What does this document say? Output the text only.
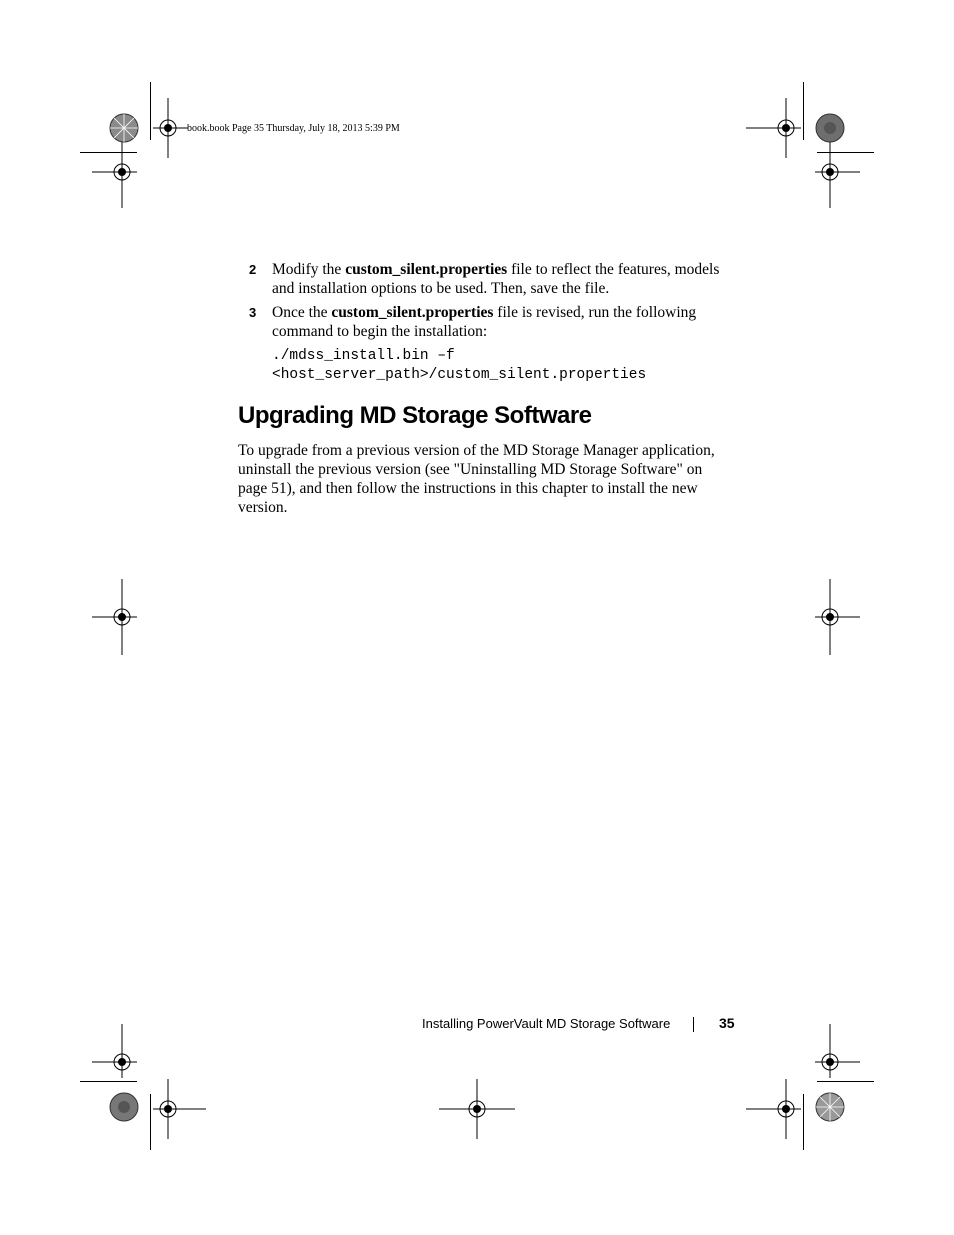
book.book Page 35 Thursday, July 18, 2013 5:39 PM
2 Modify the custom_silent.properties file to reflect the features, models and installation options to be used. Then, save the file.
3 Once the custom_silent.properties file is revised, run the following command to begin the installation:
./mdss_install.bin –f
<host_server_path>/custom_silent.properties
Upgrading MD Storage Software
To upgrade from a previous version of the MD Storage Manager application, uninstall the previous version (see "Uninstalling MD Storage Software" on page 51), and then follow the instructions in this chapter to install the new version.
Installing PowerVault MD Storage Software	35
